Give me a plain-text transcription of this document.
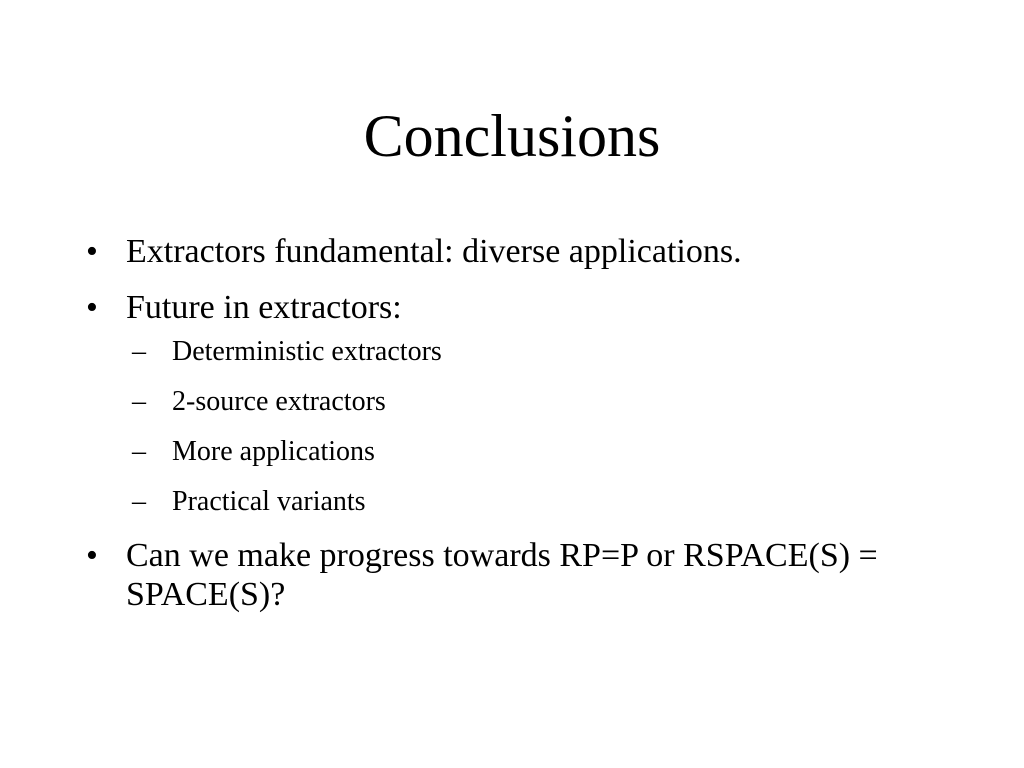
Conclusions
• Extractors fundamental: diverse applications.
• Future in extractors:
– Deterministic extractors
– 2-source extractors
– More applications
– Practical variants
• Can we make progress towards RP=P or RSPACE(S) = SPACE(S)?
